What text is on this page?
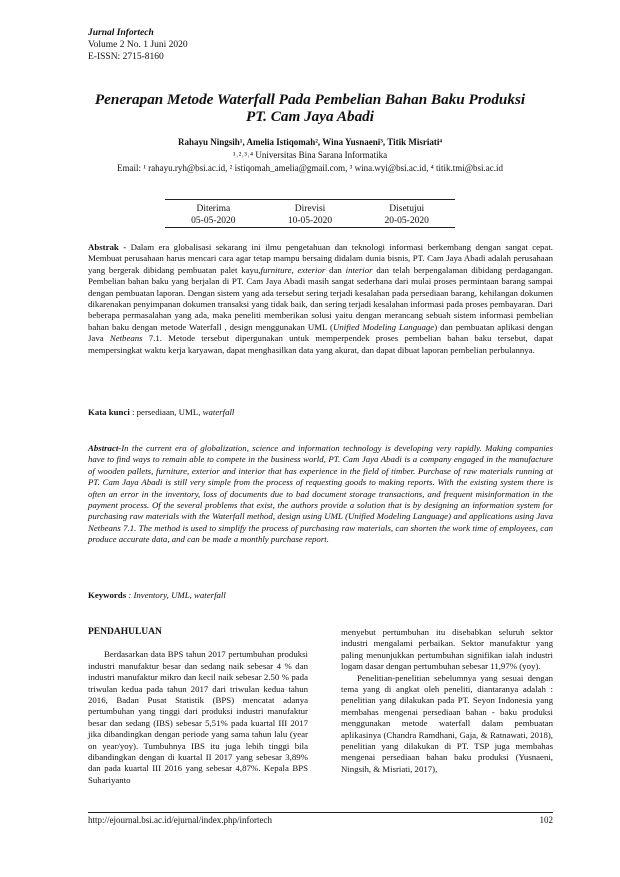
Jurnal Infortech
Volume 2 No. 1 Juni 2020
E-ISSN: 2715-8160
Penerapan Metode Waterfall Pada Pembelian Bahan Baku Produksi
PT. Cam Jaya Abadi
Rahayu Ningsih¹, Amelia Istiqomah², Wina Yusnaeni³, Titik Misriati⁴
¹˒²˒³˒⁴ Universitas Bina Sarana Informatika
Email: ¹ rahayu.ryh@bsi.ac.id, ² istiqomah_amelia@gmail.com, ³ wina.wyi@bsi.ac.id, ⁴ titik.tmi@bsi.ac.id
Diterima
05-05-2020
Direvisi
10-05-2020
Disetujui
20-05-2020
Abstrak - Dalam era globalisasi sekarang ini ilmu pengetahuan dan teknologi informasi berkembang dengan sangat cepat. Membuat perusahaan harus mencari cara agar tetap mampu bersaing didalam dunia bisnis, PT. Cam Jaya Abadi adalah perusahaan yang bergerak dibidang pembuatan palet kayu,furniture, exterior dan interior dan telah berpengalaman dibidang perdagangan. Pembelian bahan baku yang berjalan di PT. Cam Jaya Abadi masih sangat sederhana dari mulai proses permintaan barang sampai dengan pembuatan laporan. Dengan sistem yang ada tersebut sering terjadi kesalahan pada persediaan barang, kehilangan dokumen dikarenakan penyimpanan dokumen transaksi yang tidak baik, dan sering terjadi kesalahan informasi pada proses pembayaran. Dari beberapa permasalahan yang ada, maka peneliti memberikan solusi yaitu dengan merancang sebuah sistem informasi pembelian bahan baku dengan metode Waterfall , design menggunakan UML (Unified Modeling Language) dan pembuatan aplikasi dengan Java Netbeans 7.1. Metode tersebut dipergunakan untuk memperpendek proses pembelian bahan baku tersebut, dapat mempersingkat waktu kerja karyawan, dapat menghasilkan data yang akurat, dan dapat dibuat laporan pembelian perbulannya.
Kata kunci : persediaan, UML, waterfall
Abstract-In the current era of globalization, science and information technology is developing very rapidly. Making companies have to find ways to remain able to compete in the business world, PT. Cam Jaya Abadi is a company engaged in the manufacture of wooden pallets, furniture, exterior and interior that has experience in the field of timber. Purchase of raw materials running at PT. Cam Jaya Abadi is still very simple from the process of requesting goods to making reports. With the existing system there is often an error in the inventory, loss of documents due to bad document storage transactions, and frequent misinformation in the payment process. Of the several problems that exist, the authors provide a solution that is by designing an information system for purchasing raw materials with the Waterfall method, design using UML (Unified Modeling Language) and applications using Java Netbeans 7.1. The method is used to simplify the process of purchasing raw materials, can shorten the work time of employees, can produce accurate data, and can be made a monthly purchase report.
Keywords : Inventory, UML, waterfall

PENDAHULUAN

Berdasarkan data BPS tahun 2017 pertumbuhan produksi industri manufaktur besar dan sedang naik sebesar 4 % dan industri manufaktur mikro dan kecil naik sebesar 2.50 % pada triwulan kedua pada tahun 2017 dari triwulan kedua tahun 2016, Badan Pusat Statistik (BPS) mencatat adanya pertumbuhan yang tinggi dari produksi industri manufaktur besar dan sedang (IBS) sebesar 5,51% pada kuartal III 2017 jika dibandingkan dengan periode yang sama tahun lalu (year on year/yoy). Tumbuhnya IBS itu juga lebih tinggi bila dibandingkan dengan di kuartal II 2017 yang sebesar 3,89% dan pada kuartal III 2016 yang sebesar 4,87%. Kepala BPS Suhariyanto

menyebut pertumbuhan itu disebabkan seluruh sektor industri mengalami perbaikan. Sektor manufaktur yang paling menunjukkan pertumbuhan signifikan ialah industri logam dasar dengan pertumbuhan sebesar 11,97% (yoy).

Penelitian-penelitian sebelumnya yang sesuai dengan tema yang di angkat oleh peneliti, diantaranya adalah : penelitian yang dilakukan pada PT. Seyon Indonesia yang membahas mengenai persediaan bahan - baku produksi menggunakan metode waterfall dalam pembuatan aplikasinya (Chandra Ramdhani, Gaja, & Ratnawati, 2018), penelitian yang dilakukan di PT. TSP juga membahas mengenai persediaan bahan baku produksi (Yusnaeni, Ningsih, & Misriati, 2017),

http://ejournal.bsi.ac.id/ejurnal/index.php/infortech	102
